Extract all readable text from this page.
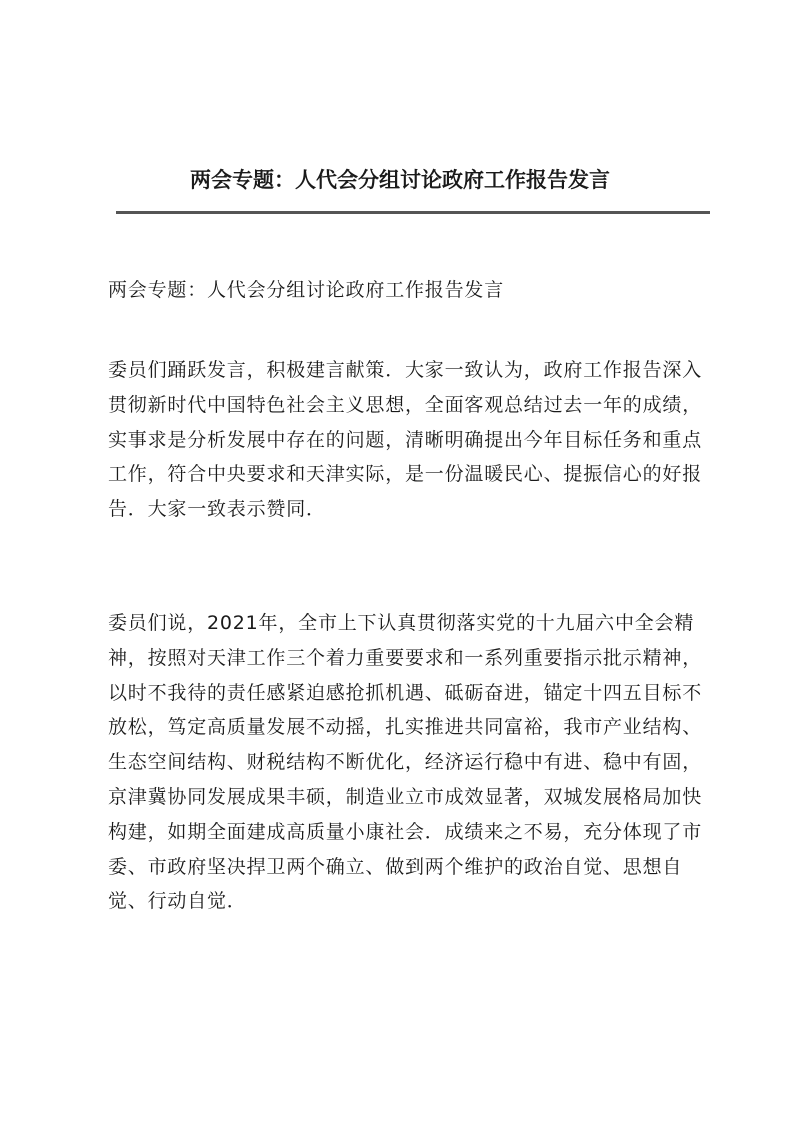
两会专题：人代会分组讨论政府工作报告发言

两会专题：人代会分组讨论政府工作报告发言

委员们踊跃发言，积极建言献策．大家一致认为，政府工作报告深入贯彻新时代中国特色社会主义思想，全面客观总结过去一年的成绩，实事求是分析发展中存在的问题，清晰明确提出今年目标任务和重点工作，符合中央要求和天津实际，是一份温暖民心、提振信心的好报告．大家一致表示赞同．

委员们说，2021年，全市上下认真贯彻落实党的十九届六中全会精神，按照对天津工作三个着力重要要求和一系列重要指示批示精神，以时不我待的责任感紧迫感抢抓机遇、砥砺奋进，锚定十四五目标不放松，笃定高质量发展不动摇，扎实推进共同富裕，我市产业结构、生态空间结构、财税结构不断优化，经济运行稳中有进、稳中有固，京津冀协同发展成果丰硕，制造业立市成效显著，双城发展格局加快构建，如期全面建成高质量小康社会．成绩来之不易，充分体现了市委、市政府坚决捍卫两个确立、做到两个维护的政治自觉、思想自觉、行动自觉．
